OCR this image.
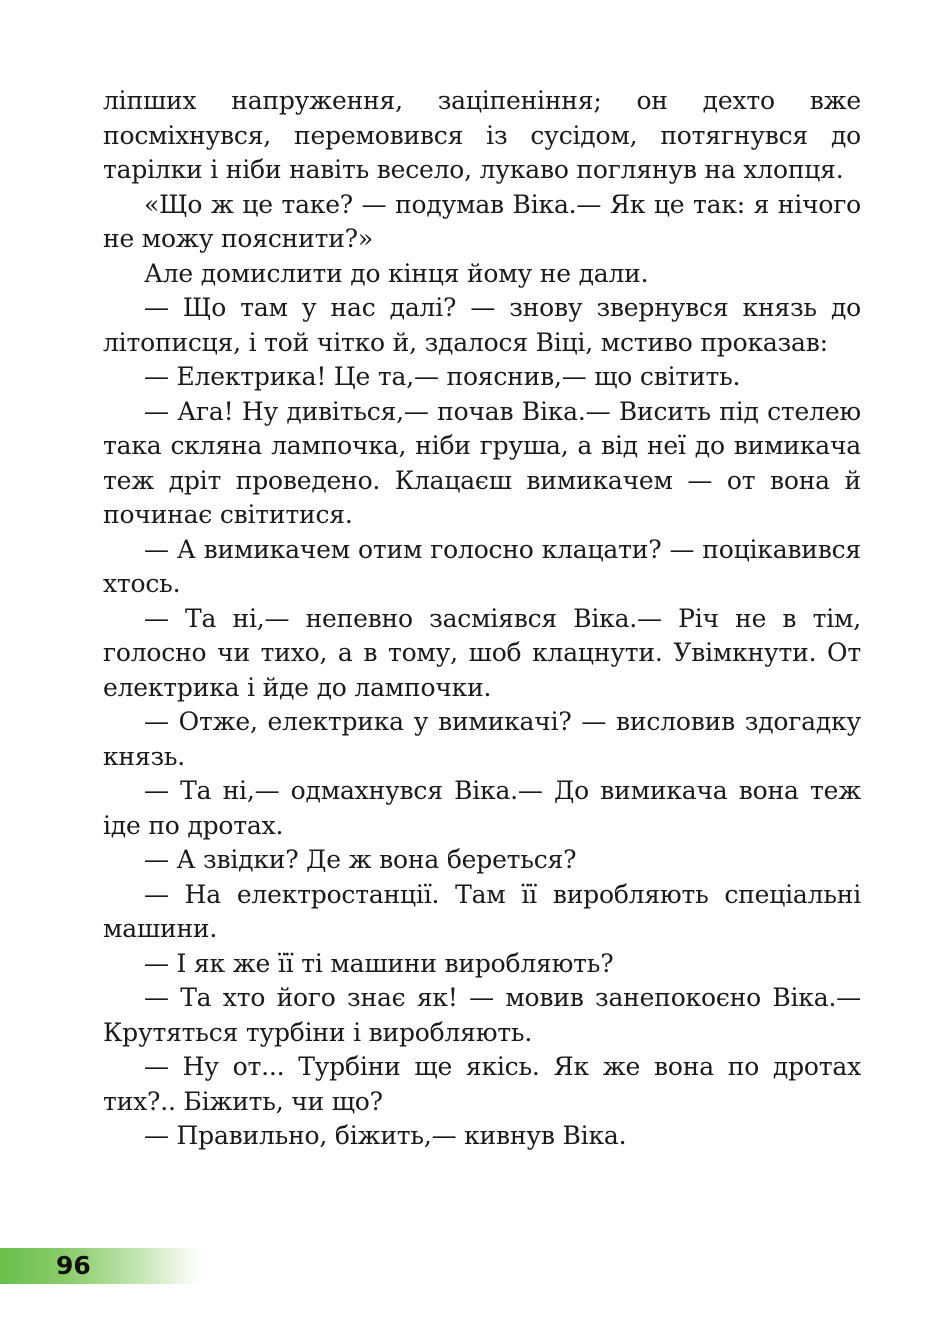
ліпших напруження, заціпеніння; он дехто вже посміхнувся, перемовився із сусідом, потягнувся до тарілки і ніби навіть весело, лукаво поглянув на хлопця.

«Що ж це таке? — подумав Віка.— Як це так: я нічого не можу пояснити?»

Але домислити до кінця йому не дали.

— Що там у нас далі? — знову звернувся князь до літописця, і той чітко й, здалося Віці, мстиво проказав:

— Електрика! Це та,— пояснив,— що світить.

— Ага! Ну дивіться,— почав Віка.— Висить під стелею така скляна лампочка, ніби груша, а від неї до вимикача теж дріт проведено. Клацаєш вимикачем — от вона й починає світитися.

— А вимикачем отим голосно клацати? — поцікавився хтось.

— Та ні,— непевно засміявся Віка.— Річ не в тім, голосно чи тихо, а в тому, шоб клацнути. Увімкнути. От електрика і йде до лампочки.

— Отже, електрика у вимикачі? — висловив здогадку князь.

— Та ні,— одмахнувся Віка.— До вимикача вона теж іде по дротах.

— А звідки? Де ж вона береться?

— На електростанції. Там її виробляють спеціальні машини.

— І як же її ті машини виробляють?

— Та хто його знає як! — мовив занепокоєно Віка.— Крутяться турбіни і виробляють.

— Ну от... Турбіни ще якісь. Як же вона по дротах тих?.. Біжить, чи що?

— Правильно, біжить,— кивнув Віка.

96
